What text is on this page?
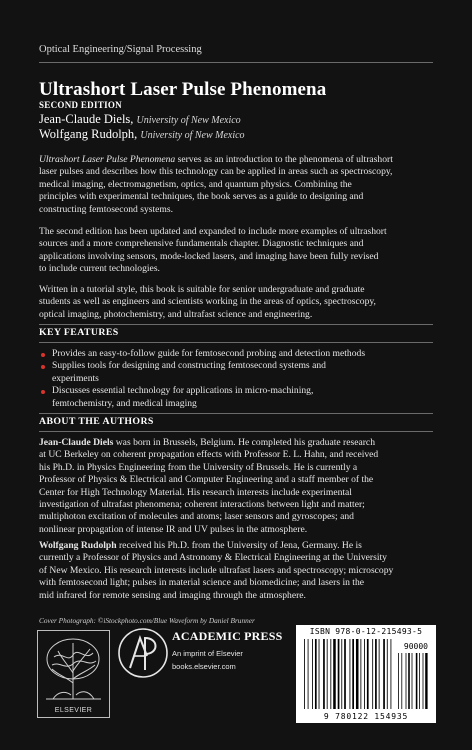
Optical Engineering/Signal Processing
Ultrashort Laser Pulse Phenomena
SECOND EDITION
Jean-Claude Diels, University of New Mexico
Wolfgang Rudolph, University of New Mexico
Ultrashort Laser Pulse Phenomena serves as an introduction to the phenomena of ultrashort
laser pulses and describes how this technology can be applied in areas such as spectroscopy,
medical imaging, electromagnetism, optics, and quantum physics. Combining the
principles with experimental techniques, the book serves as a guide to designing and
constructing femtosecond systems.
The second edition has been updated and expanded to include more examples of ultrashort
sources and a more comprehensive fundamentals chapter. Diagnostic techniques and
applications involving sensors, mode-locked lasers, and imaging have been fully revised
to include current technologies.
Written in a tutorial style, this book is suitable for senior undergraduate and graduate
students as well as engineers and scientists working in the areas of optics, spectroscopy,
optical imaging, photochemistry, and ultrafast science and engineering.
KEY FEATURES
Provides an easy-to-follow guide for femtosecond probing and detection methods
Supplies tools for designing and constructing femtosecond systems and
experiments
Discusses essential technology for applications in micro-machining,
femtochemistry, and medical imaging
ABOUT THE AUTHORS
Jean-Claude Diels was born in Brussels, Belgium. He completed his graduate research
at UC Berkeley on coherent propagation effects with Professor E. L. Hahn, and received
his Ph.D. in Physics Engineering from the University of Brussels. He is currently a
Professor of Physics & Electrical and Computer Engineering and a staff member of the
Center for High Technology Material. His research interests include experimental
investigation of ultrafast phenomena; coherent interactions between light and matter;
multiphoton excitation of molecules and atoms; laser sensors and gyroscopes; and
nonlinear propagation of intense IR and UV pulses in the atmosphere.
Wolfgang Rudolph received his Ph.D. from the University of Jena, Germany. He is
currently a Professor of Physics and Astronomy & Electrical Engineering at the University
of New Mexico. His research interests include ultrafast lasers and spectroscopy; microscopy
with femtosecond light; pulses in material science and biomedicine; and lasers in the
mid infrared for remote sensing and imaging through the atmosphere.
Cover Photograph: ©iStockphoto.com/Blue Waveform by Daniel Brunner
ELSEVIER
ACADEMIC PRESS
An imprint of Elsevier
books.elsevier.com
ISBN 978-0-12-215493-5
90000
9 780122 154935
